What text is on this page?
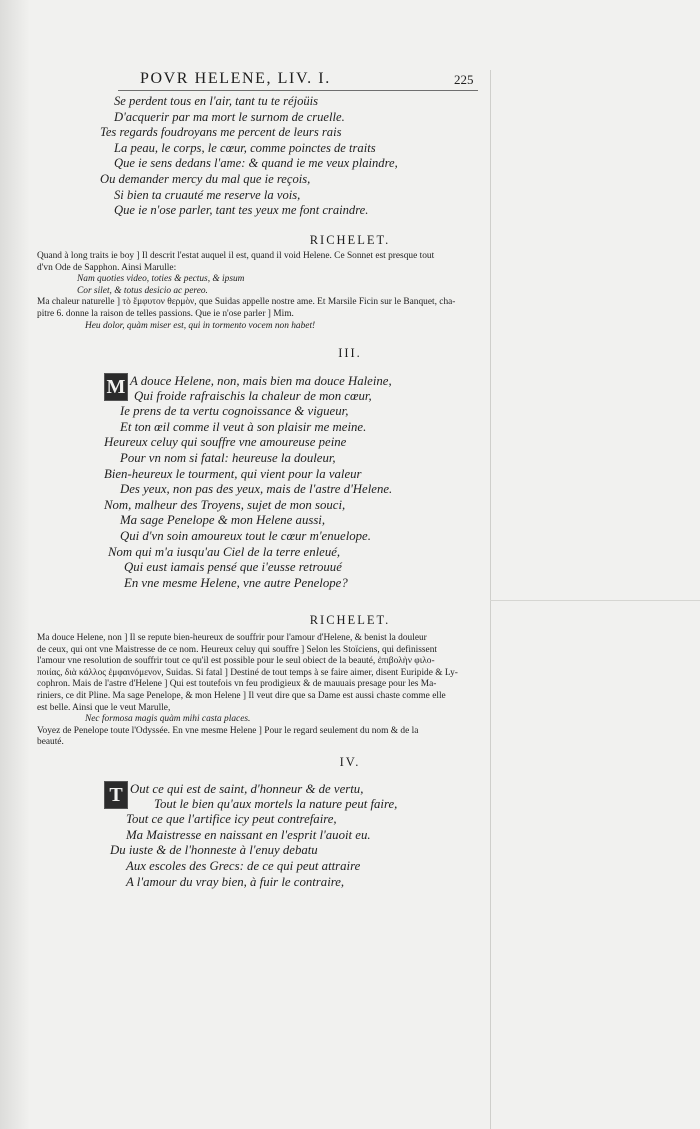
POVR HELENE, LIV. I.	225
Se perdent tous en l'air, tant tu te réjoüis
D'acquerir par ma mort le surnom de cruelle.
Tes regards foudroyans me percent de leurs rais
La peau, le corps, le cœur, comme poinctes de traits
Que ie sens dedans l'ame: & quand ie me veux plaindre,
Ou demander mercy du mal que ie reçois,
Si bien ta cruauté me reserve la vois,
Que ie n'ose parler, tant tes yeux me font craindre.

RICHELET.

Quand à long traits ie boy ] Il descrit l'estat auquel il est, quand il void Helene. Ce Sonnet est presque tout
d'vn Ode de Sapphon. Ainsi Marulle:
Nam quoties video, toties & pectus, & ipsum
Cor silet, & totus desicio ac pereo.
Ma chaleur naturelle ] τὸ ἔμφυτον θερμὸν, que Suidas appelle nostre ame. Et Marsile Ficin sur le Banquet, cha-
pitre 6. donne la raison de telles passions. Que ie n'ose parler ] Mim.
Heu dolor, quàm miser est, qui in tormento vocem non habet!

III.

M A douce Helene, non, mais bien ma douce Haleine,
Qui froide rafraischis la chaleur de mon cœur,
Ie prens de ta vertu cognoissance & vigueur,
Et ton œil comme il veut à son plaisir me meine.
Heureux celuy qui souffre vne amoureuse peine
Pour vn nom si fatal: heureuse la douleur,
Bien-heureux le tourment, qui vient pour la valeur
Des yeux, non pas des yeux, mais de l'astre d'Helene.
Nom, malheur des Troyens, sujet de mon souci,
Ma sage Penelope & mon Helene aussi,
Qui d'vn soin amoureux tout le cœur m'enuelope.
Nom qui m'a iusqu'au Ciel de la terre enleué,
Qui eust iamais pensé que i'eusse retrouué
En vne mesme Helene, vne autre Penelope?

RICHELET.

Ma douce Helene, non ] Il se repute bien-heureux de souffrir pour l'amour d'Helene, & benist la douleur
de ceux, qui ont vne Maistresse de ce nom. Heureux celuy qui souffre ] Selon les Stoïciens, qui definissent
l'amour vne resolution de souffrir tout ce qu'il est possible pour le seul obiect de la beauté, ἐπιβολὴν φιλο-
ποιίας, διὰ κάλλος ἐμφαινόμενον, Suidas. Si fatal ] Destiné de tout temps à se faire aimer, disent Euripide & Ly-
cophron. Mais de l'astre d'Helene ] Qui est toutefois vn feu prodigieux & de mauuais presage pour les Ma-
riniers, ce dit Pline. Ma sage Penelope, & mon Helene ] Il veut dire que sa Dame est aussi chaste comme elle
est belle. Ainsi que le veut Marulle,
Nec formosa magis quàm mihi casta places.
Voyez de Penelope toute l'Odyssée. En vne mesme Helene ] Pour le regard seulement du nom & de la
beauté.

IV.

T Out ce qui est de saint, d'honneur & de vertu,
Tout le bien qu'aux mortels la nature peut faire,
Tout ce que l'artifice icy peut contrefaire,
Ma Maistresse en naissant en l'esprit l'auoit eu.
Du iuste & de l'honneste à l'enuy debatu
Aux escoles des Grecs: de ce qui peut attraire
A l'amour du vray bien, à fuir le contraire,
